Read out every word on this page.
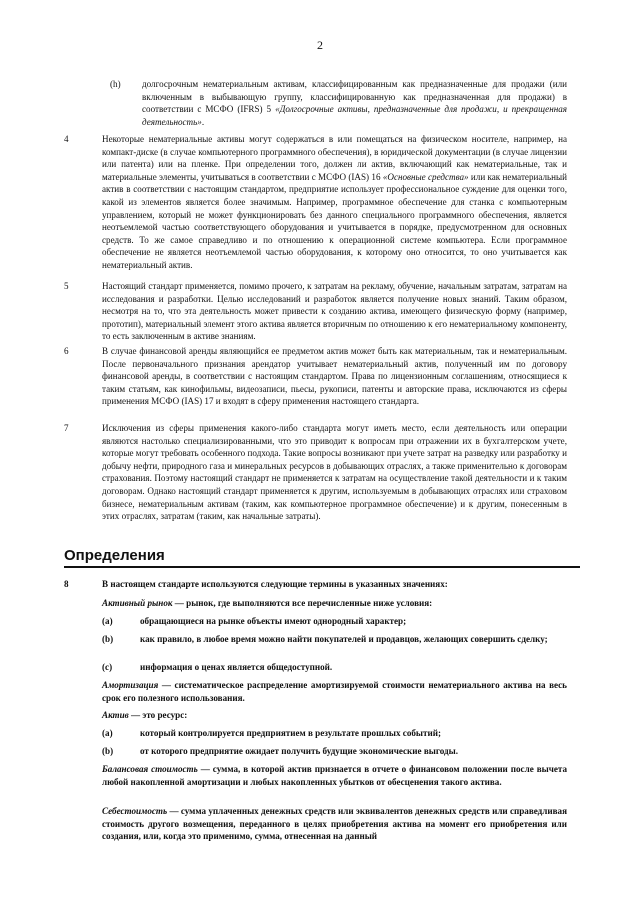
2
(h) долгосрочным нематериальным активам, классифицированным как предназначенные для продажи (или включенным в выбывающую группу, классифицированную как предназначенная для продажи) в соответствии с МСФО (IFRS) 5 «Долгосрочные активы, предназначенные для продажи, и прекращенная деятельность».
4	Некоторые нематериальные активы могут содержаться в или помещаться на физическом носителе, например, на компакт-диске (в случае компьютерного программного обеспечения), в юридической документации (в случае лицензии или патента) или на пленке. При определении того, должен ли актив, включающий как нематериальные, так и материальные элементы, учитываться в соответствии с МСФО (IAS) 16 «Основные средства» или как нематериальный актив в соответствии с настоящим стандартом, предприятие использует профессиональное суждение для оценки того, какой из элементов является более значимым. Например, программное обеспечение для станка с компьютерным управлением, который не может функционировать без данного специального программного обеспечения, является неотъемлемой частью соответствующего оборудования и учитывается в порядке, предусмотренном для основных средств. То же самое справедливо и по отношению к операционной системе компьютера. Если программное обеспечение не является неотъемлемой частью оборудования, к которому оно относится, то оно учитывается как нематериальный актив.
5	Настоящий стандарт применяется, помимо прочего, к затратам на рекламу, обучение, начальным затратам, затратам на исследования и разработки. Целью исследований и разработок является получение новых знаний. Таким образом, несмотря на то, что эта деятельность может привести к созданию актива, имеющего физическую форму (например, прототип), материальный элемент этого актива является вторичным по отношению к его нематериальному компоненту, то есть заключенным в активе знаниям.
6	В случае финансовой аренды являющийся ее предметом актив может быть как материальным, так и нематериальным. После первоначального признания арендатор учитывает нематериальный актив, полученный им по договору финансовой аренды, в соответствии с настоящим стандартом. Права по лицензионным соглашениям, относящиеся к таким статьям, как кинофильмы, видеозаписи, пьесы, рукописи, патенты и авторские права, исключаются из сферы применения МСФО (IAS) 17 и входят в сферу применения настоящего стандарта.
7	Исключения из сферы применения какого-либо стандарта могут иметь место, если деятельность или операции являются настолько специализированными, что это приводит к вопросам при отражении их в бухгалтерском учете, которые могут требовать особенного подхода. Такие вопросы возникают при учете затрат на разведку или разработку и добычу нефти, природного газа и минеральных ресурсов в добывающих отраслях, а также применительно к договорам страхования. Поэтому настоящий стандарт не применяется к затратам на осуществление такой деятельности и к таким договорам. Однако настоящий стандарт применяется к другим, используемым в добывающих отраслях или страховом бизнесе, нематериальным активам (таким, как компьютерное программное обеспечение) и к другим, понесенным в этих отраслях, затратам (таким, как начальные затраты).
Определения
8	В настоящем стандарте используются следующие термины в указанных значениях:
Активный рынок — рынок, где выполняются все перечисленные ниже условия:
(a)	обращающиеся на рынке объекты имеют однородный характер;
(b)	как правило, в любое время можно найти покупателей и продавцов, желающих совершить сделку;
(c)	информация о ценах является общедоступной.
Амортизация — систематическое распределение амортизируемой стоимости нематериального актива на весь срок его полезного использования.
Актив — это ресурс:
(a)	который контролируется предприятием в результате прошлых событий;
(b)	от которого предприятие ожидает получить будущие экономические выгоды.
Балансовая стоимость — сумма, в которой актив признается в отчете о финансовом положении после вычета любой накопленной амортизации и любых накопленных убытков от обесценения такого актива.
Себестоимость — сумма уплаченных денежных средств или эквивалентов денежных средств или справедливая стоимость другого возмещения, переданного в целях приобретения актива на момент его приобретения или создания, или, когда это применимо, сумма, отнесенная на данный
